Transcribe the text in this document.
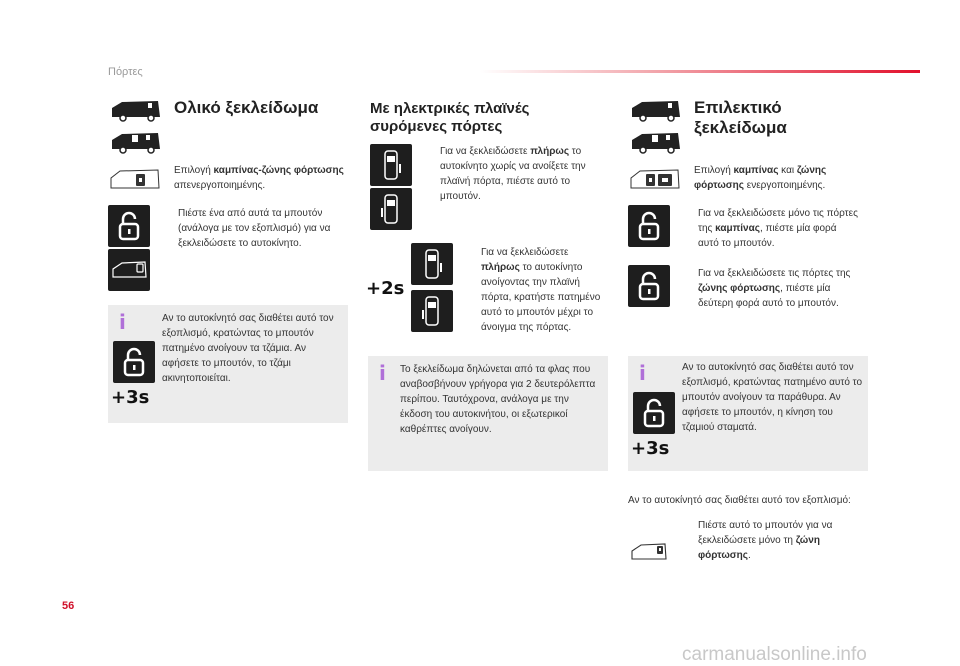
Πόρτες
Ολικό ξεκλείδωμα
Επιλογή καμπίνας-ζώνης φόρτωσης απενεργοποιημένης.
Πιέστε ένα από αυτά τα μπουτόν (ανάλογα με τον εξοπλισμό) για να ξεκλειδώσετε το αυτοκίνητο.
i
+3s
Αν το αυτοκίνητό σας διαθέτει αυτό τον εξοπλισμό, κρατώντας το μπουτόν πατημένο ανοίγουν τα τζάμια. Αν αφήσετε το μπουτόν, το τζάμι ακινητοποιείται.
Με ηλεκτρικές πλαϊνές συρόμενες πόρτες
Για να ξεκλειδώσετε πλήρως το αυτοκίνητο χωρίς να ανοίξετε την πλαϊνή πόρτα, πιέστε αυτό το μπουτόν.
+2s
Για να ξεκλειδώσετε πλήρως το αυτοκίνητο ανοίγοντας την πλαϊνή πόρτα, κρατήστε πατημένο αυτό το μπουτόν μέχρι το άνοιγμα της πόρτας.
i Το ξεκλείδωμα δηλώνεται από τα φλας που αναβοσβήνουν γρήγορα για 2 δευτερόλεπτα περίπου. Ταυτόχρονα, ανάλογα με την έκδοση του αυτοκινήτου, οι εξωτερικοί καθρέπτες ανοίγουν.
Επιλεκτικό ξεκλείδωμα
Επιλογή καμπίνας και ζώνης φόρτωσης ενεργοποιημένης.
Για να ξεκλειδώσετε μόνο τις πόρτες της καμπίνας, πιέστε μία φορά αυτό το μπουτόν.
Για να ξεκλειδώσετε τις πόρτες της ζώνης φόρτωσης, πιέστε μία δεύτερη φορά αυτό το μπουτόν.
i
+3s
Αν το αυτοκίνητό σας διαθέτει αυτό τον εξοπλισμό, κρατώντας πατημένο αυτό το μπουτόν ανοίγουν τα παράθυρα. Αν αφήσετε το μπουτόν, η κίνηση του τζαμιού σταματά.
Αν το αυτοκίνητό σας διαθέτει αυτό τον εξοπλισμό:
Πιέστε αυτό το μπουτόν για να ξεκλειδώσετε μόνο τη ζώνη φόρτωσης.
56
carmanualsonline.info
